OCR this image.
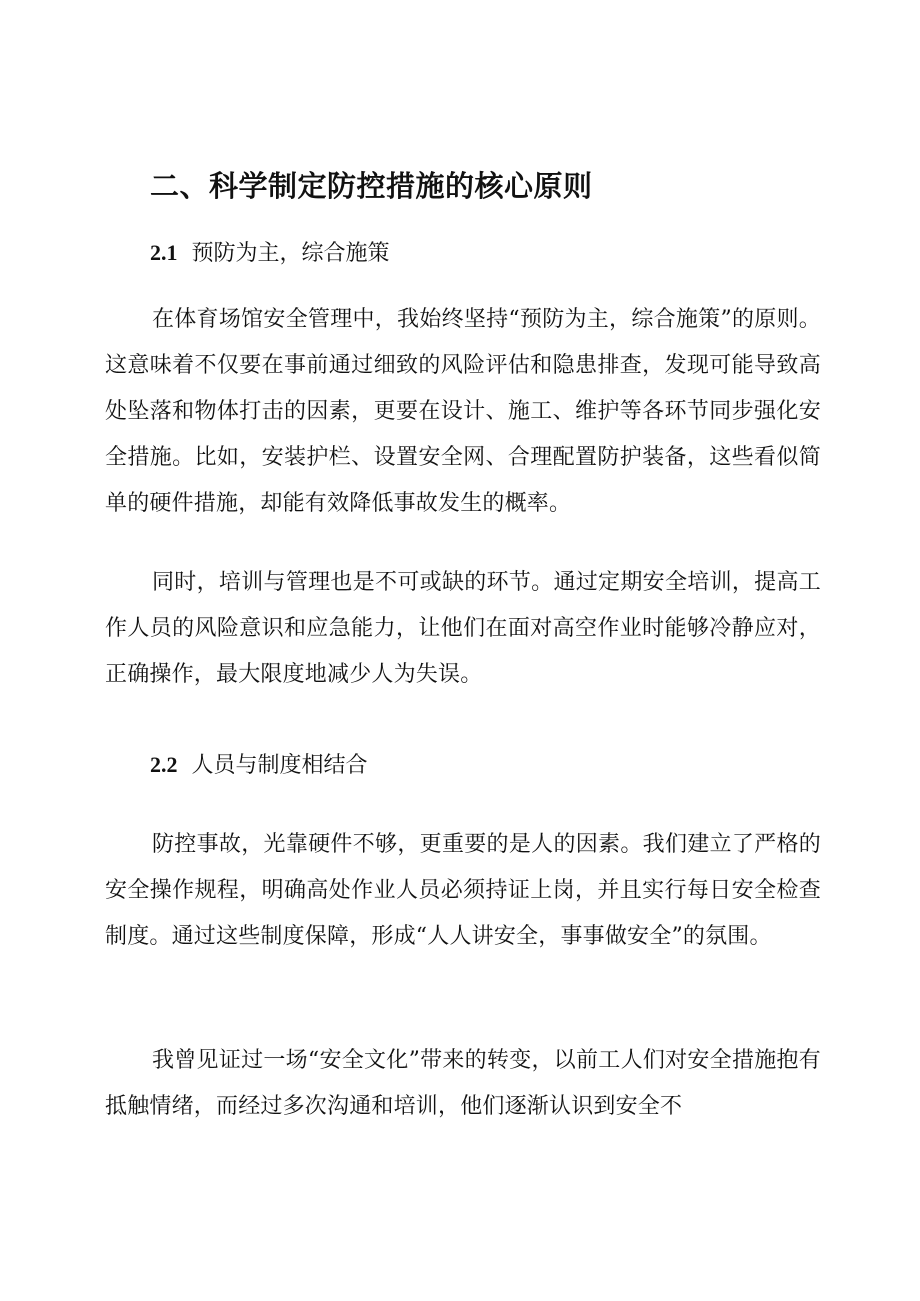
二、科学制定防控措施的核心原则
2.1 预防为主，综合施策

在体育场馆安全管理中，我始终坚持“预防为主，综合施策”的原则。这意味着不仅要在事前通过细致的风险评估和隐患排查，发现可能导致高处坠落和物体打击的因素，更要在设计、施工、维护等各环节同步强化安全措施。比如，安装护栏、设置安全网、合理配置防护装备，这些看似简单的硬件措施，却能有效降低事故发生的概率。

同时，培训与管理也是不可或缺的环节。通过定期安全培训，提高工作人员的风险意识和应急能力，让他们在面对高空作业时能够冷静应对，正确操作，最大限度地减少人为失误。

2.2 人员与制度相结合

防控事故，光靠硬件不够，更重要的是人的因素。我们建立了严格的安全操作规程，明确高处作业人员必须持证上岗，并且实行每日安全检查制度。通过这些制度保障，形成“人人讲安全，事事做安全”的氛围。

我曾见证过一场“安全文化”带来的转变，以前工人们对安全措施抱有抵触情绪，而经过多次沟通和培训，他们逐渐认识到安全不
